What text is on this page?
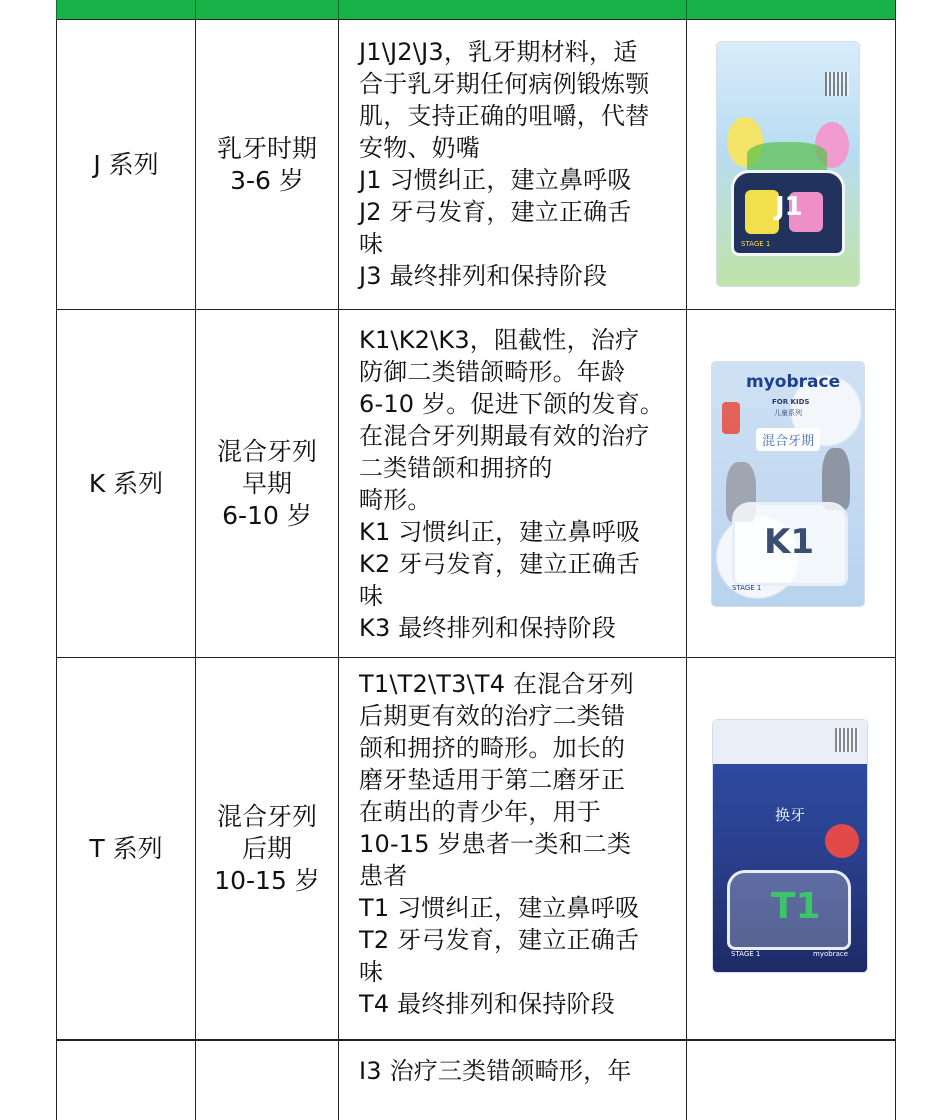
J 系列
乳牙时期
3-6 岁
J1\J2\J3，乳牙期材料，适
合于乳牙期任何病例锻炼颚
肌，支持正确的咀嚼，代替
安物、奶嘴
J1 习惯纠正，建立鼻呼吸
J2 牙弓发育，建立正确舌
味
J3 最终排列和保持阶段
J1
STAGE 1
K 系列
混合牙列
早期
6-10 岁
K1\K2\K3，阻截性，治疗
防御二类错颌畸形。年龄
6-10 岁。促进下颌的发育。
在混合牙列期最有效的治疗
二类错颌和拥挤的
畸形。
K1 习惯纠正，建立鼻呼吸
K2 牙弓发育，建立正确舌
味
K3 最终排列和保持阶段
myobrace
FOR KIDS
儿童系列
混合牙期
K1
STAGE 1
T 系列
混合牙列
后期
10-15 岁
T1\T2\T3\T4 在混合牙列
后期更有效的治疗二类错
颌和拥挤的畸形。加长的
磨牙垫适用于第二磨牙正
在萌出的青少年，用于
10-15 岁患者一类和二类
患者
T1 习惯纠正，建立鼻呼吸
T2 牙弓发育，建立正确舌
味
T4 最终排列和保持阶段
换牙
T1
STAGE 1	myobrace
I3 治疗三类错颌畸形，年
